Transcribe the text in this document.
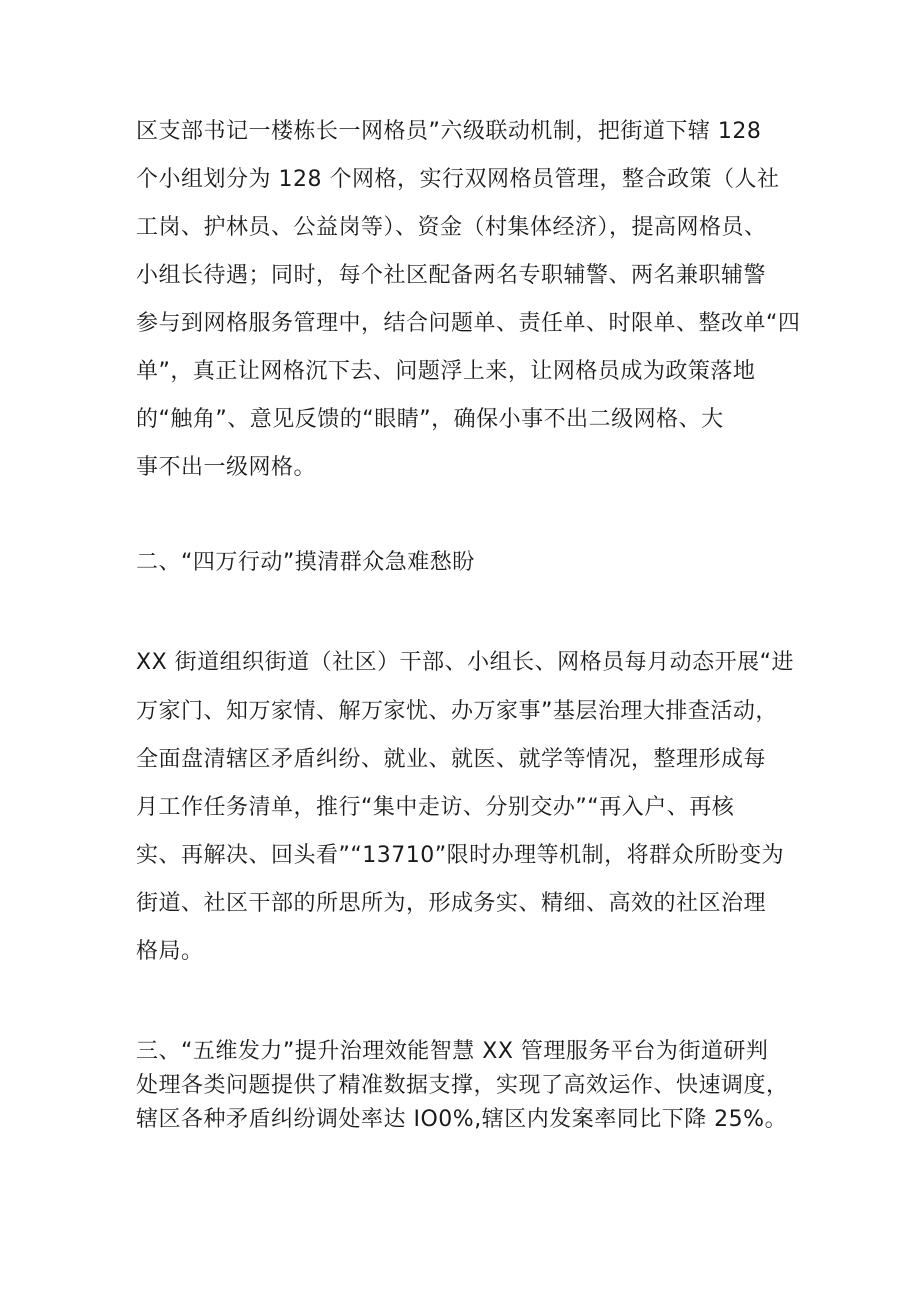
区支部书记一楼栋长一网格员”六级联动机制，把街道下辖 128

个小组划分为 128 个网格，实行双网格员管理，整合政策（人社

工岗、护林员、公益岗等）、资金（村集体经济），提高网格员、

小组长待遇；同时，每个社区配备两名专职辅警、两名兼职辅警

参与到网格服务管理中，结合问题单、责任单、时限单、整改单“四

单”，真正让网格沉下去、问题浮上来，让网格员成为政策落地

的“触角”、意见反馈的“眼睛”，确保小事不出二级网格、大

事不出一级网格。

二、“四万行动”摸清群众急难愁盼

XX 街道组织街道（社区）干部、小组长、网格员每月动态开展“进

万家门、知万家情、解万家忧、办万家事”基层治理大排查活动，

全面盘清辖区矛盾纠纷、就业、就医、就学等情况，整理形成每

月工作任务清单，推行“集中走访、分别交办”“再入户、再核

实、再解决、回头看”“13710”限时办理等机制，将群众所盼变为

街道、社区干部的所思所为，形成务实、精细、高效的社区治理

格局。

三、“五维发力”提升治理效能智慧 XX 管理服务平台为街道研判

处理各类问题提供了精准数据支撑，实现了高效运作、快速调度，

辖区各种矛盾纠纷调处率达 IO0%,辖区内发案率同比下降 25%。
